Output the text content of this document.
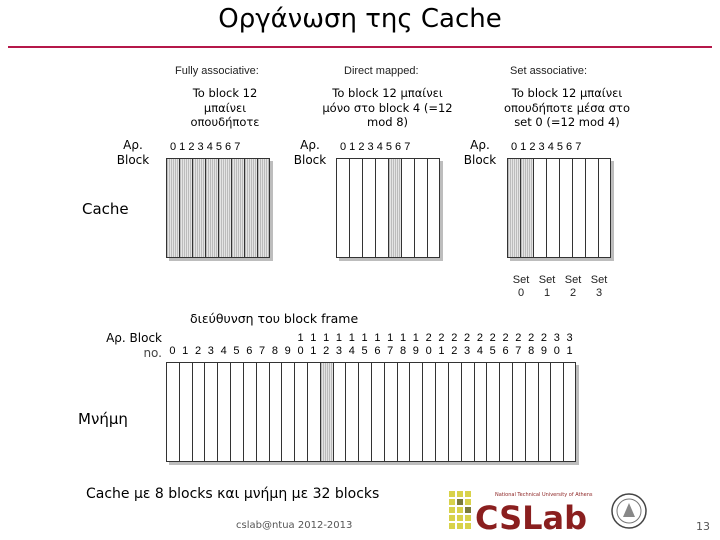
Οργάνωση της Cache
Fully associative:
To block 12
μπαίνει
οπουδήποτε
Αρ.
Block
0 1 2 3 4 5 6 7
Direct mapped:
To block 12 μπαίνει
μόνο στο block 4 (=12
mod 8)
Αρ.
Block
0 1 2 3 4 5 6 7
Set associative:
To block 12 μπαίνει
οπουδήποτε μέσα στο
set 0 (=12 mod 4)
Αρ.
Block
0 1 2 3 4 5 6 7
Set
0
Set
1
Set
2
Set
3
Cache
διεύθυνση του block frame
Αρ. Block
no.
1 1 1 1 1 1 1 1 1 1 2 2 2 2 2 2 2 2 2 2 3 3
0 1 2 3 4 5 6 7 8 9 0 1 2 3 4 5 6 7 8 9 0 1 2 3 4 5 6 7 8 9 0 1
Μνήμη
Cache με 8 blocks και μνήμη με 32 blocks
cslab@ntua 2012-2013
National Technical University of Athens
CSLab	13
